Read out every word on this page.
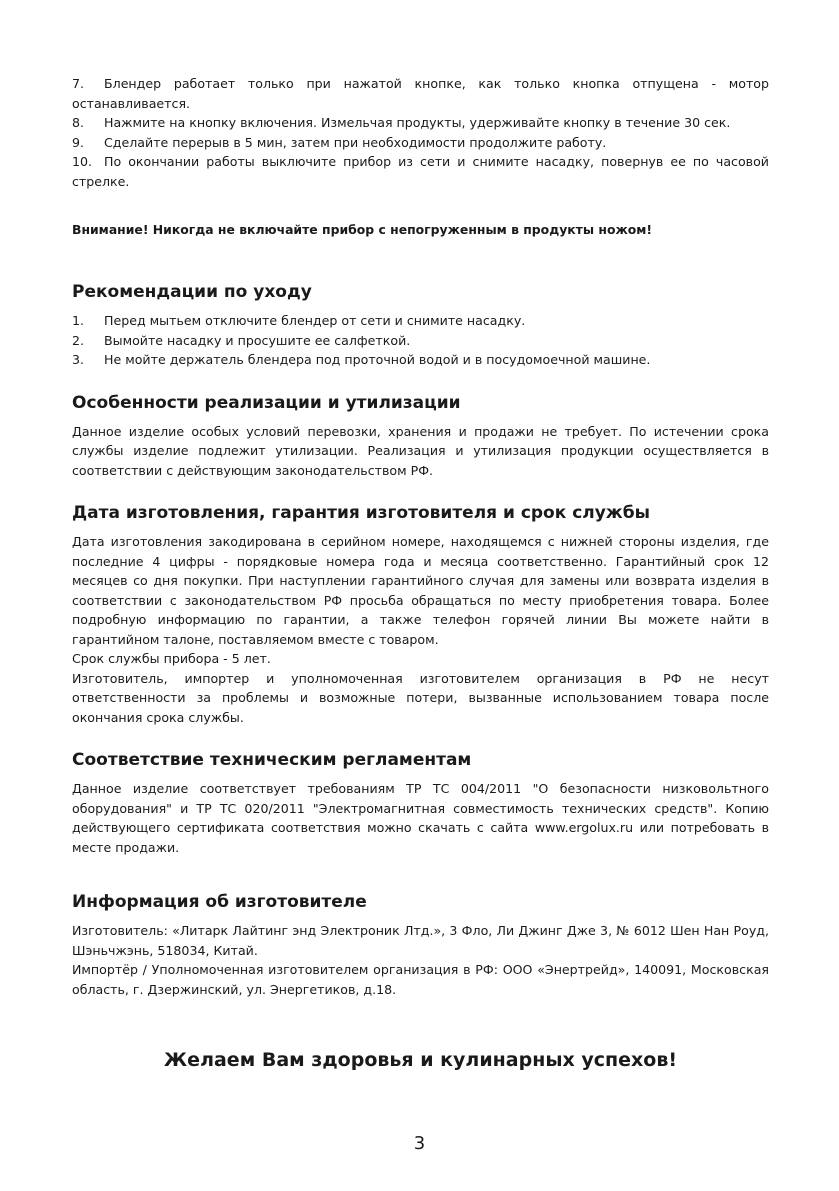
7. Блендер работает только при нажатой кнопке, как только кнопка отпущена - мотор останавливается.
8. Нажмите на кнопку включения. Измельчая продукты, удерживайте кнопку в течение 30 сек.
9. Сделайте перерыв в 5 мин, затем при необходимости продолжите работу.
10. По окончании работы выключите прибор из сети и снимите насадку, повернув ее по часовой стрелке.

Внимание! Никогда не включайте прибор с непогруженным в продукты ножом!

Рекомендации по уходу
1. Перед мытьем отключите блендер от сети и снимите насадку.
2. Вымойте насадку и просушите ее салфеткой.
3. Не мойте держатель блендера под проточной водой и в посудомоечной машине.
Особенности реализации и утилизации

Данное изделие особых условий перевозки, хранения и продажи не требует. По истечении срока службы изделие подлежит утилизации. Реализация и утилизация продукции осуществляется в соответствии с действующим законодательством РФ.

Дата изготовления, гарантия изготовителя и срок службы

Дата изготовления закодирована в серийном номере, находящемся с нижней стороны изделия, где последние 4 цифры - порядковые номера года и месяца соответственно. Гарантийный срок 12 месяцев со дня покупки. При наступлении гарантийного случая для замены или возврата изделия в соответствии с законодательством РФ просьба обращаться по месту приобретения товара. Более подробную информацию по гарантии, а также телефон горячей линии Вы можете найти в гарантийном талоне, поставляемом вместе с товаром.

Срок службы прибора - 5 лет.

Изготовитель, импортер и уполномоченная изготовителем организация в РФ не несут ответственности за проблемы и возможные потери, вызванные использованием товара после окончания срока службы.

Соответствие техническим регламентам

Данное изделие соответствует требованиям ТР ТС 004/2011 "О безопасности низковольтного оборудования" и ТР ТС 020/2011 "Электромагнитная совместимость технических средств". Копию действующего сертификата соответствия можно скачать с сайта www.ergolux.ru или потребовать в месте продажи.

Информация об изготовителе

Изготовитель: «Литарк Лайтинг энд Электроник Лтд.», 3 Фло, Ли Джинг Дже 3, № 6012 Шен Нан Роуд, Шэньчжэнь, 518034, Китай.

Импортёр / Уполномоченная изготовителем организация в РФ: ООО «Энертрейд», 140091, Московская область, г. Дзержинский, ул. Энергетиков, д.18.

Желаем Вам здоровья и кулинарных успехов!
3
